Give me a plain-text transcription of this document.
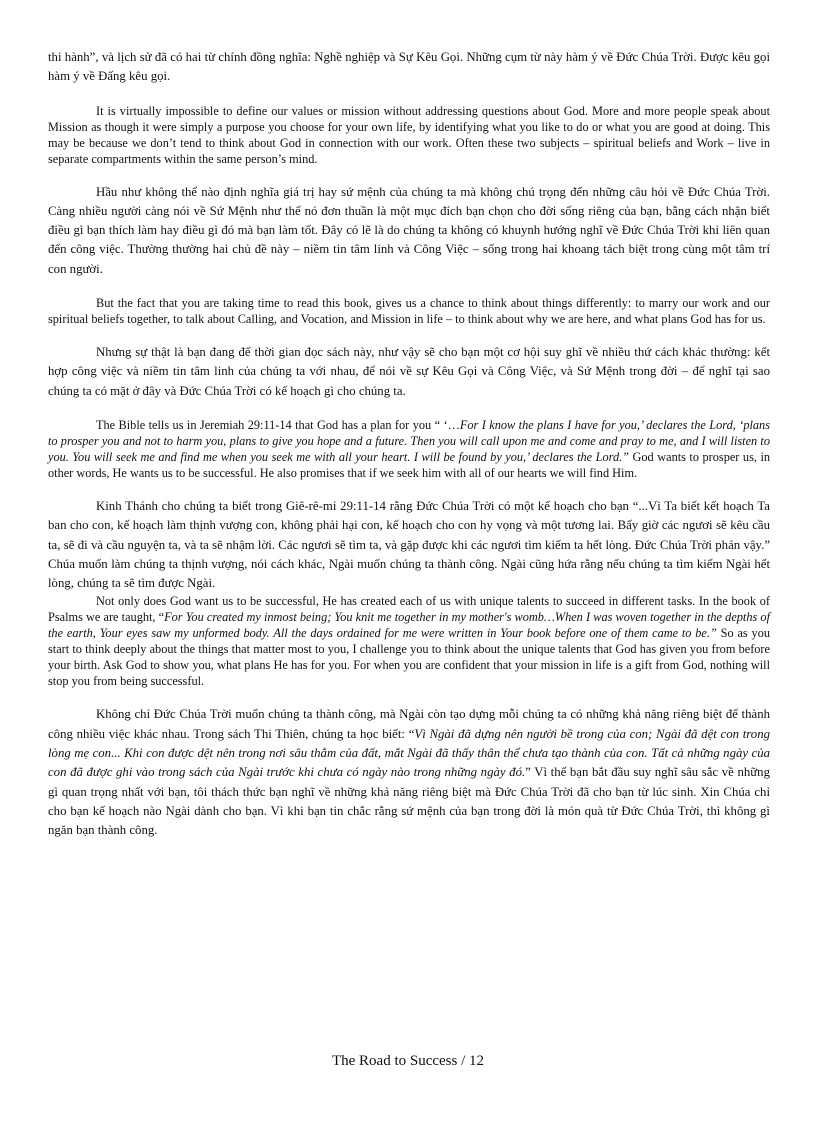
thi hành”, và lịch sử đã có hai từ chính đồng nghĩa: Nghề nghiệp và Sự Kêu Gọi. Những cụm từ này hàm ý về Đức Chúa Trời. Được kêu gọi hàm ý về Đấng kêu gọi.

It is virtually impossible to define our values or mission without addressing questions about God. More and more people speak about Mission as though it were simply a purpose you choose for your own life, by identifying what you like to do or what you are good at doing. This may be because we don’t tend to think about God in connection with our work. Often these two subjects – spiritual beliefs and Work – live in separate compartments within the same person’s mind.

Hầu như không thể nào định nghĩa giá trị hay sứ mệnh của chúng ta mà không chú trọng đến những câu hỏi về Đức Chúa Trời. Càng nhiều người càng nói về Sứ Mệnh như thể nó đơn thuần là một mục đích bạn chọn cho đời sống riêng của bạn, bằng cách nhận biết điều gì bạn thích làm hay điều gì đó mà bạn làm tốt. Đây có lẽ là do chúng ta không có khuynh hướng nghĩ về Đức Chúa Trời khi liên quan đến công việc. Thường thường hai chủ đề này – niềm tin tâm linh và Công Việc – sống trong hai khoang tách biệt trong cùng một tâm trí con người.

But the fact that you are taking time to read this book, gives us a chance to think about things differently: to marry our work and our spiritual beliefs together, to talk about Calling, and Vocation, and Mission in life – to think about why we are here, and what plans God has for us.

Nhưng sự thật là bạn đang để thời gian đọc sách này, như vậy sẽ cho bạn một cơ hội suy ghĩ về nhiều thứ cách khác thường: kết hợp công việc và niềm tin tâm linh của chúng ta với nhau, để nói về sự Kêu Gọi và Công Việc, và Sứ Mệnh trong đời – để nghĩ tại sao chúng ta có mặt ở đây và Đức Chúa Trời có kế hoạch gì cho chúng ta.

The Bible tells us in Jeremiah 29:11-14 that God has a plan for you “ ‘…For I know the plans I have for you,’ declares the Lord, ‘plans to prosper you and not to harm you, plans to give you hope and a future. Then you will call upon me and come and pray to me, and I will listen to you. You will seek me and find me when you seek me with all your heart. I will be found by you,’ declares the Lord.” God wants to prosper us, in other words, He wants us to be successful. He also promises that if we seek him with all of our hearts we will find Him.

Kinh Thánh cho chúng ta biết trong Giê-rê-mi 29:11-14 rằng Đức Chúa Trời có một kế hoạch cho bạn “...Vì Ta biết kết hoạch Ta ban cho con, kế hoạch làm thịnh vượng con, không phải hại con, kế hoạch cho con hy vọng và một tương lai. Bấy giờ các ngươi sẽ kêu cầu ta, sẽ đi và cầu nguyện ta, và ta sẽ nhậm lời. Các ngươi sẽ tìm ta, và gặp được khi các ngươi tìm kiếm ta hết lòng. Đức Chúa Trời phán vậy.” Chúa muốn làm chúng ta thịnh vượng, nói cách khác, Ngài muốn chúng ta thành công. Ngài cũng hứa rằng nếu chúng ta tìm kiếm Ngài hết lòng, chúng ta sẽ tìm được Ngài.

Not only does God want us to be successful, He has created each of us with unique talents to succeed in different tasks. In the book of Psalms we are taught, “For You created my inmost being; You knit me together in my mother's womb…When I was woven together in the depths of the earth, Your eyes saw my unformed body. All the days ordained for me were written in Your book before one of them came to be.” So as you start to think deeply about the things that matter most to you, I challenge you to think about the unique talents that God has given you from before your birth. Ask God to show you, what plans He has for you. For when you are confident that your mission in life is a gift from God, nothing will stop you from being successful.

Không chỉ Đức Chúa Trời muốn chúng ta thành công, mà Ngài còn tạo dựng mỗi chúng ta có những khả năng riêng biệt để thành công nhiều việc khác nhau. Trong sách Thi Thiên, chúng ta học biết: “Vì Ngài đã dựng nên người bề trong của con; Ngài đã dệt con trong lòng mẹ con... Khi con được dệt nên trong nơi sâu thẳm của đất, mắt Ngài đã thấy thân thể chưa tạo thành của con. Tất cả những ngày của con đã được ghi vào trong sách của Ngài trước khi chưa có ngày nào trong những ngày đó.” Vì thế bạn bắt đầu suy nghĩ sâu sắc về những gì quan trọng nhất với bạn, tôi thách thức bạn nghĩ về những khả năng riêng biệt mà Đức Chúa Trời đã cho bạn từ lúc sinh. Xin Chúa chỉ cho bạn kế hoạch nào Ngài dành cho bạn. Vì khi bạn tin chắc rằng sứ mệnh của bạn trong đời là món quà từ Đức Chúa Trời, thì không gì ngăn bạn thành công.

The Road to Success / 12
